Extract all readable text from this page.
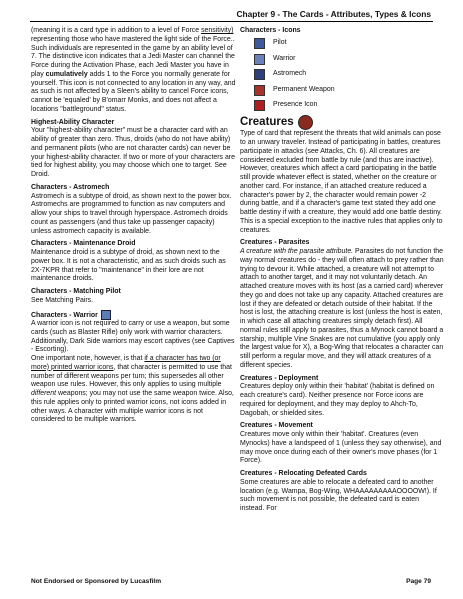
Chapter 9 - The Cards - Attributes, Types & Icons

(meaning it is a card type in addition to a level of Force sensitivity) representing those who have mastered the light side of the Force.. Such individuals are represented in the game by an ability level of 7. The distinctive icon indicates that a Jedi Master can channel the Force during the Activation Phase, each Jedi Master you have in play cumulatively adds 1 to the Force you normally generate for yourself. This icon is not connected to any location in any way, and as such is not affected by a Sleen's ability to cancel Force icons, cannot be 'equaled' by B'omarr Monks, and does not affect a locations "battleground" status.

Highest-Ability Character

Your "highest-ability character" must be a character card with an ability of greater than zero. Thus, droids (who do not have ability) and permanent pilots (who are not character cards) can never be your highest-ability character. If two or more of your characters are tied for highest ability, you may choose which one to target. See Droid.

Characters - Astromech

Astromech is a subtype of droid, as shown next to the power box. Astromechs are programmed to function as nav computers and allow your ships to travel through hyperspace. Astromech droids count as passengers (and thus take up passenger capacity) unless astromech capacity is available.

Characters - Maintenance Droid

Maintenance droid is a subtype of droid, as shown next to the power box. It is not a characteristic, and as such droids such as 2X-7KPR that refer to "maintenance" in their lore are not maintenance droids.

Characters - Matching Pilot

See Matching Pairs.

Characters - Warrior

A warrior icon is not required to carry or use a weapon, but some cards (such as Blaster Rifle) only work with warrior characters. Additionally, Dark Side warriors may escort captives (see Captives - Escorting).

One important note, however, is that if a character has two (or more) printed warrior icons, that character is permitted to use that number of different weapons per turn; this supersedes all other weapon use rules. However, this only applies to using multiple different weapons; you may not use the same weapon twice. Also, this rule applies only to printed warrior icons, not icons added in other ways. A character with multiple warrior icons is not considered to be multiple warriors.

Characters - Icons

Pilot
Warrior
Astromech
Permanent Weapon
Presence Icon
Creatures

Type of card that represent the threats that wild animals can pose to an unwary traveler. Instead of participating in battles, creatures participate in attacks (see Attacks, Ch. 6). All creatures are considered excluded from battle by rule (and thus are inactive). However, creatures which affect a card participating in the battle still provide whatever effect is stated, whether on the creature or another card. For instance, if an attached creature reduced a character's power by 2, the character would remain power -2 during battle, and if a character's game text stated they add one battle destiny if with a creature, they would add one battle destiny. This is a special exception to the inactive rules that applies only to creatures.

Creatures - Parasites

A creature with the parasite attribute. Parasites do not function the way normal creatures do - they will often attach to prey rather than trying to devour it. While attached, a creature will not attempt to attach to another target, and it may not voluntarily detach. An attached creature moves with its host (as a carried card) wherever they go and does not take up any capacity. Attached creatures are lost if they are defeated or detach outside of their habitat. If the host is lost, the attaching creature is lost (unless the host is eaten, in which case all attaching creatures simply detach first). All normal rules still apply to parasites, thus a Mynock cannot board a starship, multiple Vine Snakes are not cumulative (you apply only the largest value for X), a Bog-Wing that relocates a character can still perform a regular move, and they will attack creatures of a different species.

Creatures - Deployment

Creatures deploy only within their 'habitat' (habitat is defined on each creature's card). Neither presence nor Force icons are required for deployment, and they may deploy to Ahch-To, Dagobah, or shielded sites.

Creatures - Movement

Creatures move only within their 'habitat'. Creatures (even Mynocks) have a landspeed of 1 (unless they say otherwise), and may move once during each of their owner's move phases (for 1 Force).

Creatures - Relocating Defeated Cards

Some creatures are able to relocate a defeated card to another location (e.g. Wampa, Bog-Wing, WHAAAAAAAAAOOOOW!). If such movement is not possible, the defeated card is eaten instead. For

Not Endorsed or Sponsored by Lucasfilm	Page 79
